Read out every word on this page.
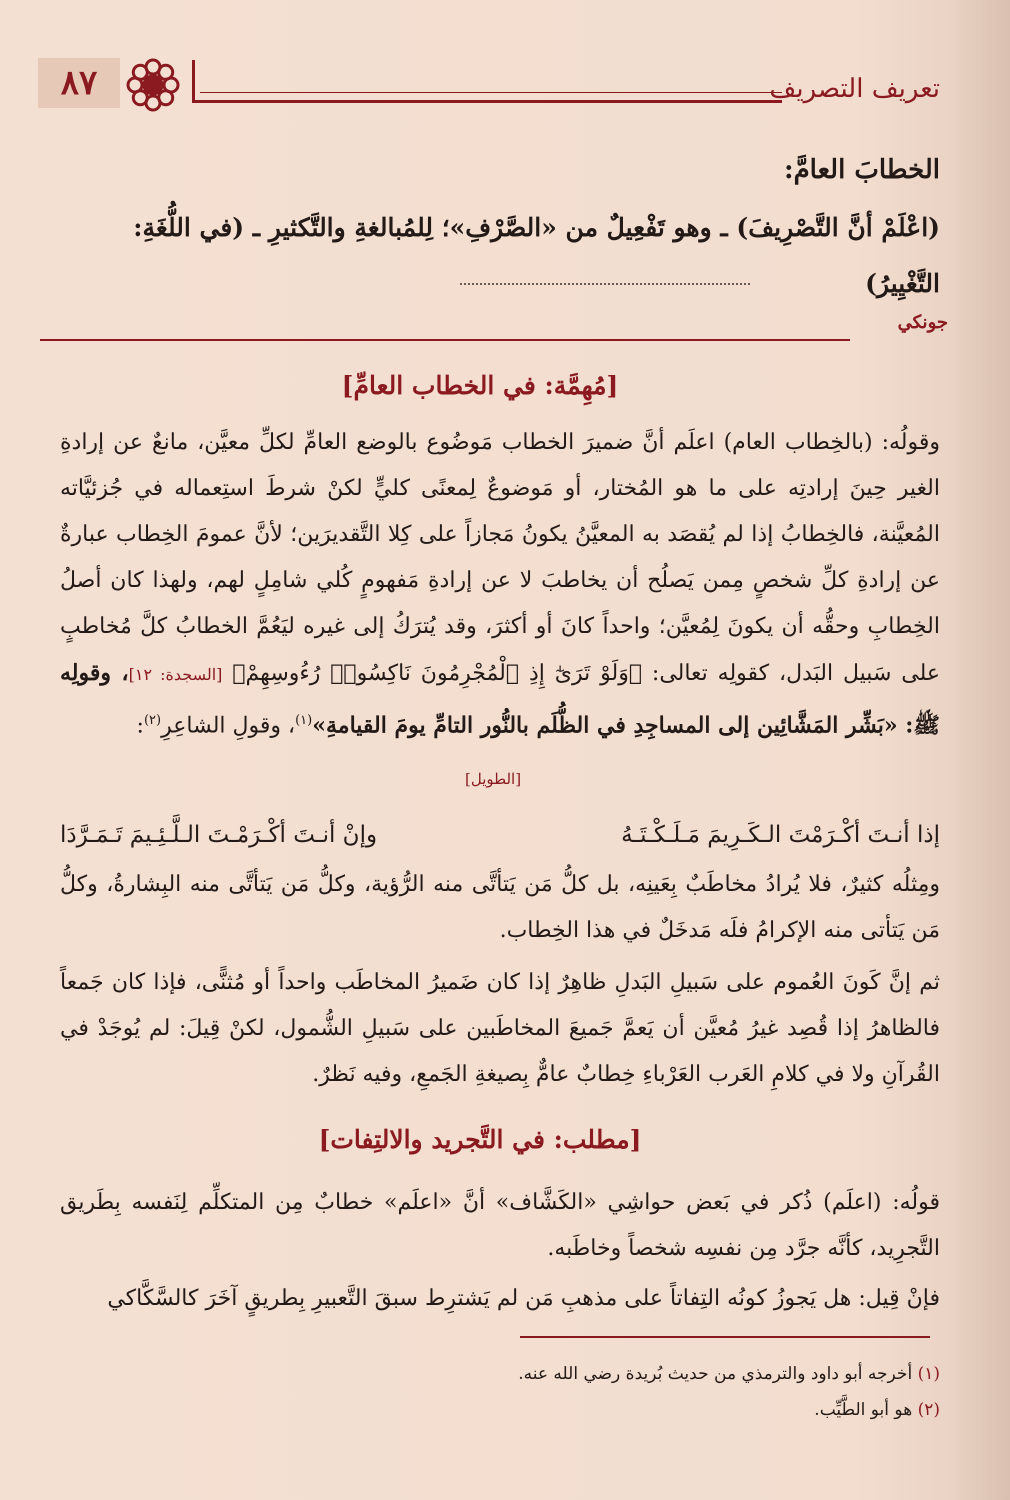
٨٧	تعريف التصريف
الخطابَ العامَّ:
(اعْلَمْ أنَّ التَّصْرِيفَ) ـ وهو تَفْعِيلٌ من «الصَّرْفِ»؛ لِلمُبالغةِ والتَّكثيرِ ـ (في اللُّغَةِ: التَّغْيِيرُ)
جونكي
[مُهِمَّة: في الخطاب العامِّ]
وقولُه: (بالخِطاب العام) اعلَم أنَّ ضميرَ الخطاب مَوضُوع بالوضع العامِّ لكلِّ معيَّن، مانعٌ عن إرادةِ الغير حِينَ إرادتِه على ما هو المُختار، أو مَوضوعٌ لِمعنًى كليٍّ لكنْ شرطَ استِعماله في جُزئيَّاته المُعيَّنة، فالخِطابُ إذا لم يُقصَد به المعيَّنُ يكونُ مَجازاً على كِلا التَّقديرَين؛ لأنَّ عمومَ الخِطاب عبارةٌ عن إرادةِ كلِّ شخصٍ مِمن يَصلُح أن يخاطبَ لا عن إرادةِ مَفهومٍ كُلي شامِلٍ لهم، ولهذا كان أصلُ الخِطابِ وحقُّه أن يكونَ لِمُعيَّن؛ واحداً كانَ أو أكثرَ، وقد يُترَكُ إلى غيره ليَعُمَّ الخطابُ كلَّ مُخاطبٍ على سَبيل البَدل، كقولِه تعالى: ﴿وَلَوْ تَرَىٰٓ إِذِ ٱلْمُجْرِمُونَ نَاكِسُوا۟ رُءُوسِهِمْ﴾ [السجدة: ١٢]، وقولِه ﷺ: «بَشِّر المَشَّائِين إلى المساجِدِ في الظُّلَم بالنُّور التامِّ يومَ القيامةِ»$^{(١)}$، وقولِ الشاعِرِ$^{(٢)}$:
[الطويل]
إذا أنـتَ أكْـرَمْتَ الـكَـرِيمَ مَـلَـكْـتَـهُ
وإنْ أنـتَ أكْـرَمْـتَ الـلَّـئِـيمَ تَـمَـرَّدَا
ومِثلُه كثيرٌ، فلا يُرادُ مخاطَبٌ بِعَينِه، بل كلُّ مَن يَتأتَّى منه الرُّؤية، وكلُّ مَن يَتأتَّى منه البِشارةُ، وكلُّ مَن يَتأتى منه الإكرامُ فلَه مَدخَلٌ في هذا الخِطاب.
ثم إنَّ كَونَ العُموم على سَبيلِ البَدلِ ظاهِرٌ إذا كان ضَميرُ المخاطَب واحداً أو مُثنًّى، فإذا كان جَمعاً فالظاهرُ إذا قُصِد غيرُ مُعيَّن أن يَعمَّ جَميعَ المخاطَبين على سَبيلِ الشُّمول، لكنْ قِيلَ: لم يُوجَدْ في القُرآنِ ولا في كلامِ العَرب العَرْباءِ خِطابٌ عامٌّ بِصيغةِ الجَمعِ، وفيه نَظرٌ.
[مطلب: في التَّجريد والالتِفات]
قولُه: (اعلَم) ذُكر في بَعض حواشِي «الكَشَّاف» أنَّ «اعلَم» خطابٌ مِن المتكلِّم لِنَفسه بِطَريق التَّجرِيد، كأنَّه جرَّد مِن نفسِه شخصاً وخاطَبه.
فإنْ قِيل: هل يَجوزُ كونُه التِفاتاً على مذهبِ مَن لم يَشترِط سبقَ التَّعبيرِ بِطريقٍ آخَرَ كالسَّكَّاكي
(١) أخرجه أبو داود والترمذي من حديث بُريدة رضي الله عنه.
(٢) هو أبو الطَّيِّب.
